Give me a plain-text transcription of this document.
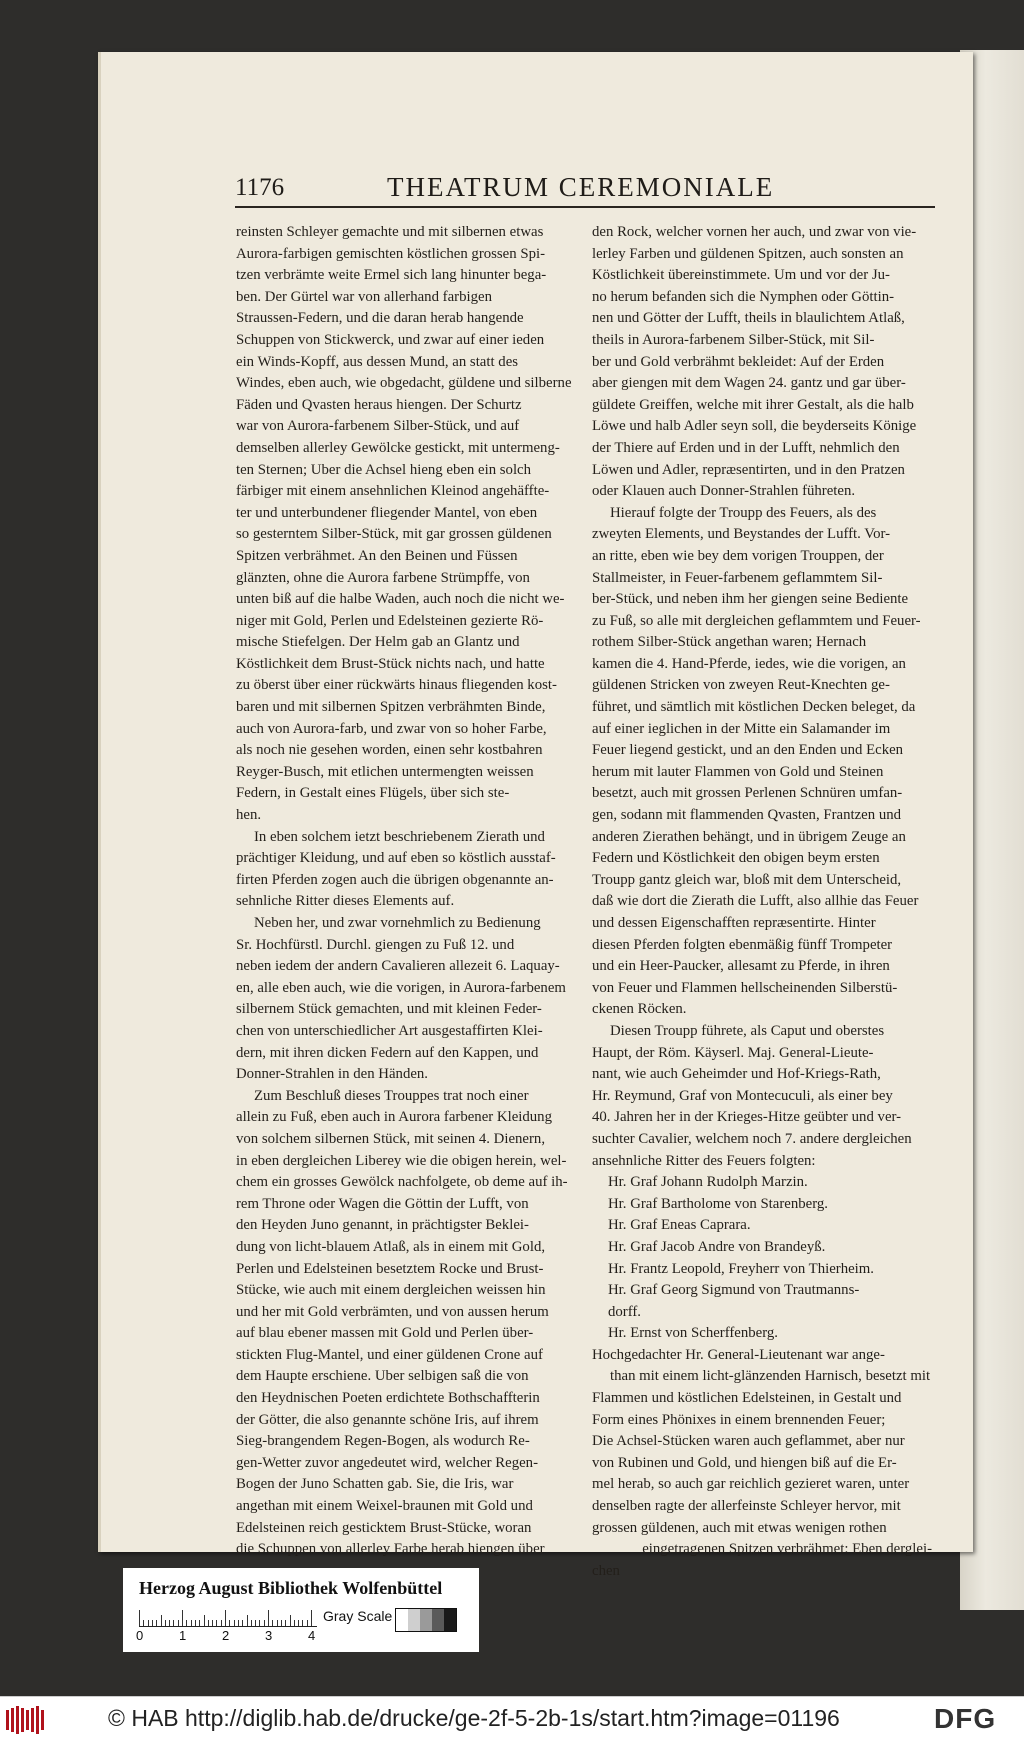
1176	THEATRUM CEREMONIALE
reinsten Schleyer gemachte und mit silbernen etwas
Aurora-farbigen gemischten köstlichen grossen Spi-
tzen verbrämte weite Ermel sich lang hinunter bega-
ben. Der Gürtel war von allerhand farbigen
Straussen-Federn, und die daran herab hangende
Schuppen von Stickwerck, und zwar auf einer ieden
ein Winds-Kopff, aus dessen Mund, an statt des
Windes, eben auch, wie obgedacht, güldene und silberne
Fäden und Qvasten heraus hiengen. Der Schurtz
war von Aurora-farbenem Silber-Stück, und auf
demselben allerley Gewölcke gestickt, mit untermeng-
ten Sternen; Uber die Achsel hieng eben ein solch
färbiger mit einem ansehnlichen Kleinod angehäffte-
ter und unterbundener fliegender Mantel, von eben
so gesterntem Silber-Stück, mit gar grossen güldenen
Spitzen verbrähmet. An den Beinen und Füssen
glänzten, ohne die Aurora farbene Strümpffe, von
unten biß auf die halbe Waden, auch noch die nicht we-
niger mit Gold, Perlen und Edelsteinen gezierte Rö-
mische Stiefelgen. Der Helm gab an Glantz und
Köstlichkeit dem Brust-Stück nichts nach, und hatte
zu öberst über einer rückwärts hinaus fliegenden kost-
baren und mit silbernen Spitzen verbrähmten Binde,
auch von Aurora-farb, und zwar von so hoher Farbe,
als noch nie gesehen worden, einen sehr kostbahren
Reyger-Busch, mit etlichen untermengten weissen
Federn, in Gestalt eines Flügels, über sich ste-
hen.
In eben solchem ietzt beschriebenem Zierath und
prächtiger Kleidung, und auf eben so köstlich ausstaf-
firten Pferden zogen auch die übrigen obgenannte an-
sehnliche Ritter dieses Elements auf.
Neben her, und zwar vornehmlich zu Bedienung
Sr. Hochfürstl. Durchl. giengen zu Fuß 12. und
neben iedem der andern Cavalieren allezeit 6. Laquay-
en, alle eben auch, wie die vorigen, in Aurora-farbenem
silbernem Stück gemachten, und mit kleinen Feder-
chen von unterschiedlicher Art ausgestaffirten Klei-
dern, mit ihren dicken Federn auf den Kappen, und
Donner-Strahlen in den Händen.
Zum Beschluß dieses Trouppes trat noch einer
allein zu Fuß, eben auch in Aurora farbener Kleidung
von solchem silbernen Stück, mit seinen 4. Dienern,
in eben dergleichen Liberey wie die obigen herein, wel-
chem ein grosses Gewölck nachfolgete, ob deme auf ih-
rem Throne oder Wagen die Göttin der Lufft, von
den Heyden Juno genannt, in prächtigster Beklei-
dung von licht-blauem Atlaß, als in einem mit Gold,
Perlen und Edelsteinen besetztem Rocke und Brust-
Stücke, wie auch mit einem dergleichen weissen hin
und her mit Gold verbrämten, und von aussen herum
auf blau ebener massen mit Gold und Perlen über-
stickten Flug-Mantel, und einer güldenen Crone auf
dem Haupte erschiene. Uber selbigen saß die von
den Heydnischen Poeten erdichtete Bothschaffterin
der Götter, die also genannte schöne Iris, auf ihrem
Sieg-brangendem Regen-Bogen, als wodurch Re-
gen-Wetter zuvor angedeutet wird, welcher Regen-
Bogen der Juno Schatten gab. Sie, die Iris, war
angethan mit einem Weixel-braunen mit Gold und
Edelsteinen reich gesticktem Brust-Stücke, woran
die Schuppen von allerley Farbe herab hiengen über
den Rock, welcher vornen her auch, und zwar von vie-
lerley Farben und güldenen Spitzen, auch sonsten an
Köstlichkeit übereinstimmete. Um und vor der Ju-
no herum befanden sich die Nymphen oder Göttin-
nen und Götter der Lufft, theils in blaulichtem Atlaß,
theils in Aurora-farbenem Silber-Stück, mit Sil-
ber und Gold verbrähmt bekleidet: Auf der Erden
aber giengen mit dem Wagen 24. gantz und gar über-
güldete Greiffen, welche mit ihrer Gestalt, als die halb
Löwe und halb Adler seyn soll, die beyderseits Könige
der Thiere auf Erden und in der Lufft, nehmlich den
Löwen und Adler, repræsentirten, und in den Pratzen
oder Klauen auch Donner-Strahlen führeten.
Hierauf folgte der Troupp des Feuers, als des
zweyten Elements, und Beystandes der Lufft. Vor-
an ritte, eben wie bey dem vorigen Trouppen, der
Stallmeister, in Feuer-farbenem geflammtem Sil-
ber-Stück, und neben ihm her giengen seine Bediente
zu Fuß, so alle mit dergleichen geflammtem und Feuer-
rothem Silber-Stück angethan waren; Hernach
kamen die 4. Hand-Pferde, iedes, wie die vorigen, an
güldenen Stricken von zweyen Reut-Knechten ge-
führet, und sämtlich mit köstlichen Decken beleget, da
auf einer ieglichen in der Mitte ein Salamander im
Feuer liegend gestickt, und an den Enden und Ecken
herum mit lauter Flammen von Gold und Steinen
besetzt, auch mit grossen Perlenen Schnüren umfan-
gen, sodann mit flammenden Qvasten, Frantzen und
anderen Zierathen behängt, und in übrigem Zeuge an
Federn und Köstlichkeit den obigen beym ersten
Troupp gantz gleich war, bloß mit dem Unterscheid,
daß wie dort die Zierath die Lufft, also allhie das Feuer
und dessen Eigenschafften repræsentirte. Hinter
diesen Pferden folgten ebenmäßig fünff Trompeter
und ein Heer-Paucker, allesamt zu Pferde, in ihren
von Feuer und Flammen hellscheinenden Silberstü-
ckenen Röcken.
Diesen Troupp führete, als Caput und oberstes
Haupt, der Röm. Käyserl. Maj. General-Lieute-
nant, wie auch Geheimder und Hof-Kriegs-Rath,
Hr. Reymund, Graf von Montecuculi, als einer bey
40. Jahren her in der Krieges-Hitze geübter und ver-
suchter Cavalier, welchem noch 7. andere dergleichen
ansehnliche Ritter des Feuers folgten:
Hr. Graf Johann Rudolph Marzin.
Hr. Graf Bartholome von Starenberg.
Hr. Graf Eneas Caprara.
Hr. Graf Jacob Andre von Brandeyß.
Hr. Frantz Leopold, Freyherr von Thierheim.
Hr. Graf Georg Sigmund von Trautmanns-
dorff.
Hr. Ernst von Scherffenberg.
Hochgedachter Hr. General-Lieutenant war ange-
than mit einem licht-glänzenden Harnisch, besetzt mit
Flammen und köstlichen Edelsteinen, in Gestalt und
Form eines Phönixes in einem brennenden Feuer;
Die Achsel-Stücken waren auch geflammet, aber nur
von Rubinen und Gold, und hiengen biß auf die Er-
mel herab, so auch gar reichlich gezieret waren, unter
denselben ragte der allerfeinste Schleyer hervor, mit
grossen güldenen, auch mit etwas wenigen rothen
eingetragenen Spitzen verbrähmet: Eben derglei-
chen
Herzog August Bibliothek Wolfenbüttel
0	1	2	3	4
Gray Scale
© HAB http://diglib.hab.de/drucke/ge-2f-5-2b-1s/start.htm?image=01196	DFG
